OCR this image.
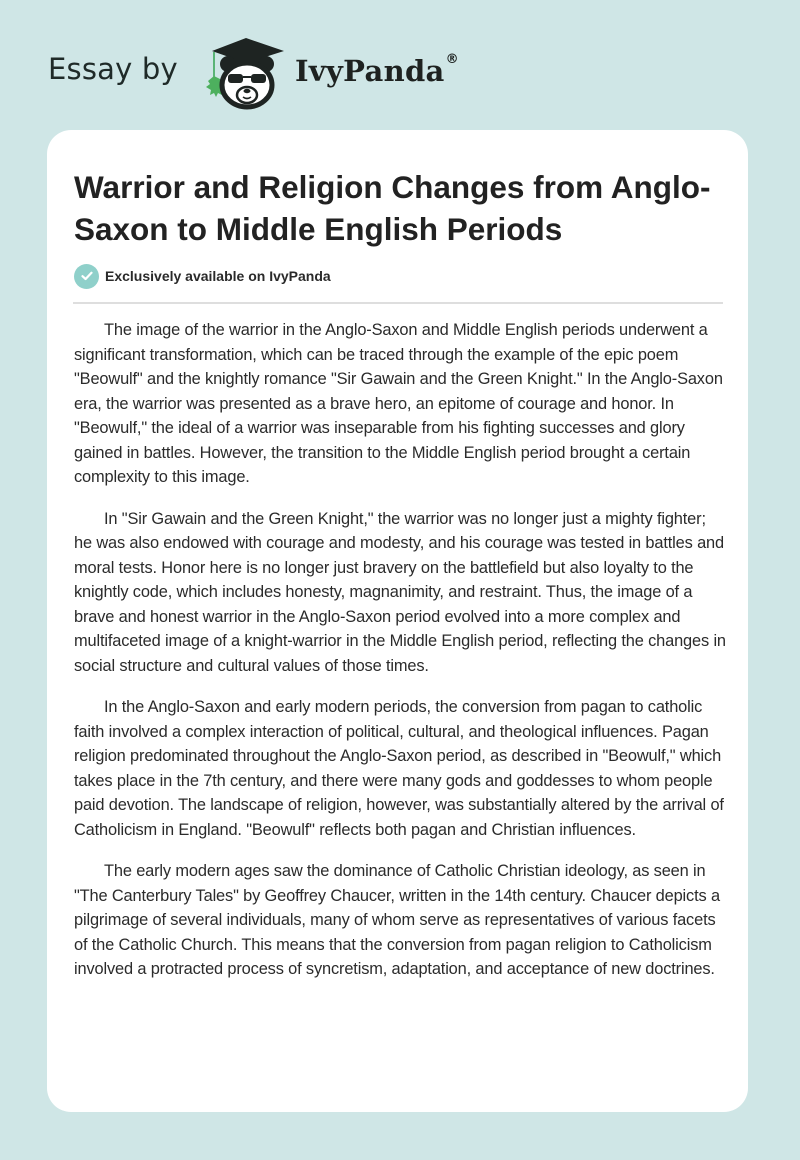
Essay by	IvyPanda®
Warrior and Religion Changes from Anglo-Saxon to Middle English Periods
Exclusively available on IvyPanda

The image of the warrior in the Anglo-Saxon and Middle English periods underwent a significant transformation, which can be traced through the example of the epic poem "Beowulf" and the knightly romance "Sir Gawain and the Green Knight." In the Anglo-Saxon era, the warrior was presented as a brave hero, an epitome of courage and honor. In "Beowulf," the ideal of a warrior was inseparable from his fighting successes and glory gained in battles. However, the transition to the Middle English period brought a certain complexity to this image.

In "Sir Gawain and the Green Knight," the warrior was no longer just a mighty fighter; he was also endowed with courage and modesty, and his courage was tested in battles and moral tests. Honor here is no longer just bravery on the battlefield but also loyalty to the knightly code, which includes honesty, magnanimity, and restraint. Thus, the image of a brave and honest warrior in the Anglo-Saxon period evolved into a more complex and multifaceted image of a knight-warrior in the Middle English period, reflecting the changes in social structure and cultural values of those times.

In the Anglo-Saxon and early modern periods, the conversion from pagan to catholic faith involved a complex interaction of political, cultural, and theological influences. Pagan religion predominated throughout the Anglo-Saxon period, as described in "Beowulf," which takes place in the 7th century, and there were many gods and goddesses to whom people paid devotion. The landscape of religion, however, was substantially altered by the arrival of Catholicism in England. "Beowulf" reflects both pagan and Christian influences.

The early modern ages saw the dominance of Catholic Christian ideology, as seen in "The Canterbury Tales" by Geoffrey Chaucer, written in the 14th century. Chaucer depicts a pilgrimage of several individuals, many of whom serve as representatives of various facets of the Catholic Church. This means that the conversion from pagan religion to Catholicism involved a protracted process of syncretism, adaptation, and acceptance of new doctrines.
